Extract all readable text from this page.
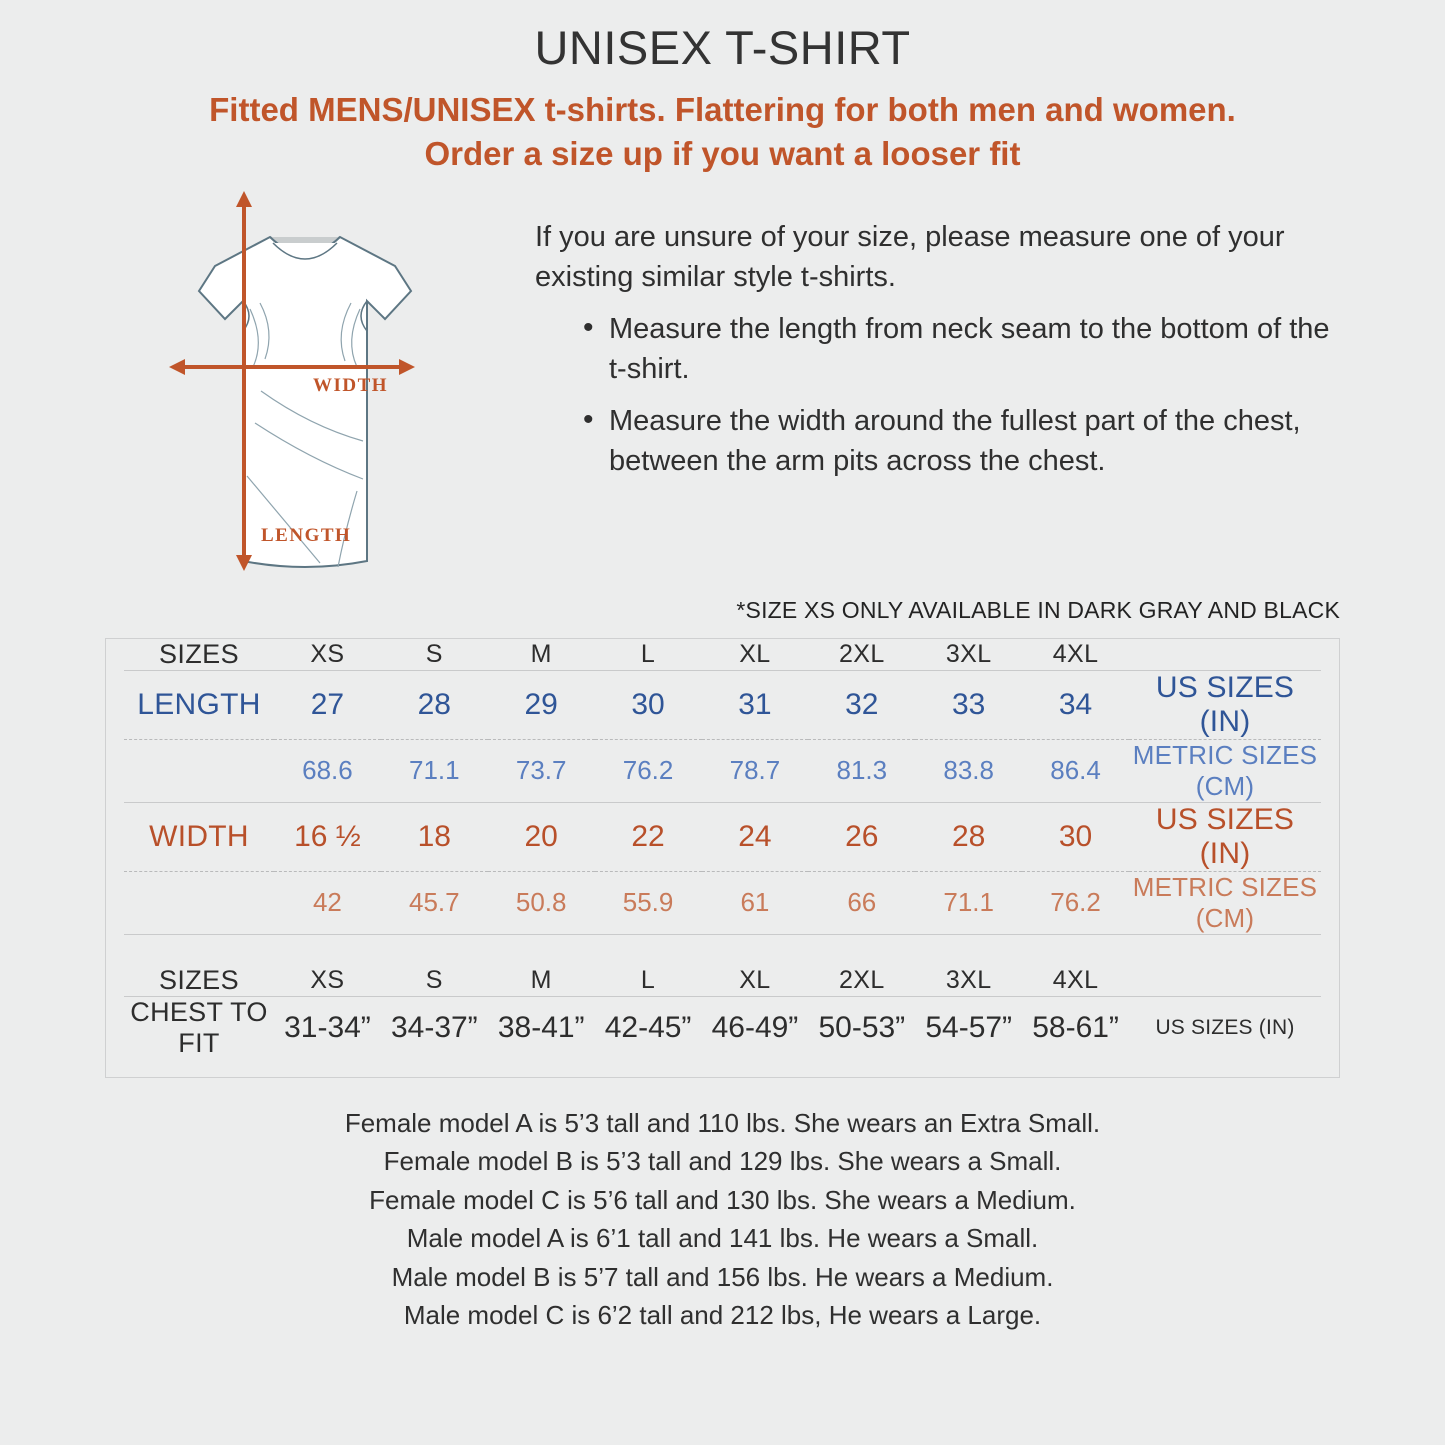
UNISEX T-SHIRT
Fitted MENS/UNISEX t-shirts. Flattering for both men and women.
Order a size up if you want a looser fit
WIDTH
LENGTH

If you are unsure of your size, please measure one of your existing similar style t-shirts.

• Measure the length from neck seam to the bottom of the t-shirt.
• Measure the width around the fullest part of the chest, between the arm pits across the chest.
*SIZE XS ONLY AVAILABLE IN DARK GRAY AND BLACK
SIZES	XS	S	M	L	XL	2XL	3XL	4XL	

LENGTH	27	28	29	30	31	32	33	34	US SIZES (IN)

	68.6	71.1	73.7	76.2	78.7	81.3	83.8	86.4	METRIC SIZES (CM)

WIDTH	16 ½	18	20	22	24	26	28	30	US SIZES (IN)

	42	45.7	50.8	55.9	61	66	71.1	76.2	METRIC SIZES (CM)

SIZES	XS	S	M	L	XL	2XL	3XL	4XL	

CHEST TO FIT	31-34”	34-37”	38-41”	42-45”	46-49”	50-53”	54-57”	58-61”	US SIZES (IN)
Female model A is 5’3 tall and 110 lbs. She wears an Extra Small.
Female model B is 5’3 tall and 129 lbs. She wears a Small.
Female model C is 5’6 tall and 130 lbs. She wears a Medium.
Male model A is 6’1 tall and 141 lbs. He wears a Small.
Male model B is 5’7 tall and 156 lbs. He wears a Medium.
Male model C is 6’2 tall and 212 lbs, He wears a Large.
